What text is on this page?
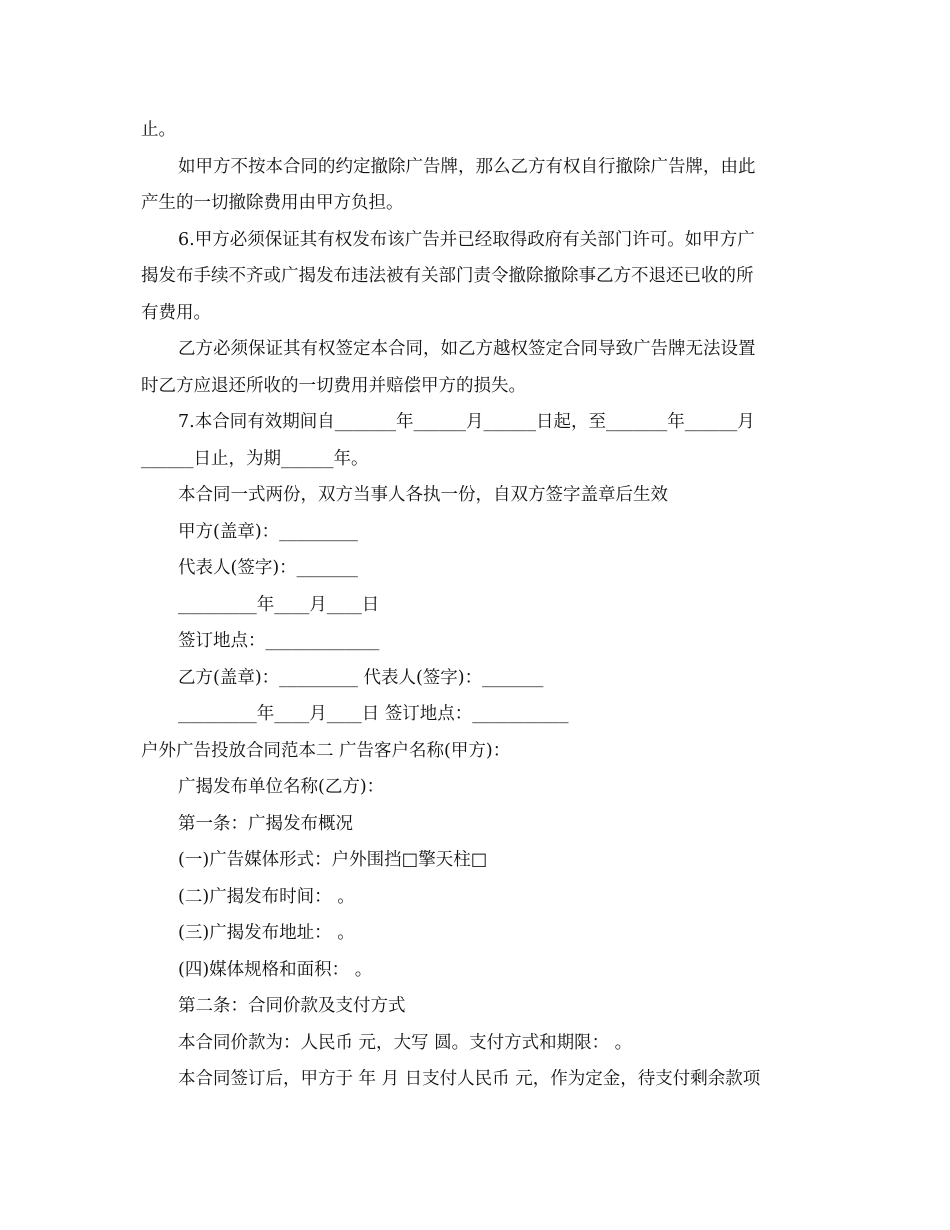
止。
如甲方不按本合同的约定撤除广告牌，那么乙方有权自行撤除广告牌，由此
产生的一切撤除费用由甲方负担。
6.甲方必须保证其有权发布该广告并已经取得政府有关部门许可。如甲方广
揭发布手续不齐或广揭发布违法被有关部门责令撤除撤除事乙方不退还已收的所
有费用。
乙方必须保证其有权签定本合同，如乙方越权签定合同导致广告牌无法设置
时乙方应退还所收的一切费用并赔偿甲方的损失。
7.本合同有效期间自_______年______月______日起，至_______年______月
______日止，为期______年。
本合同一式两份，双方当事人各执一份，自双方签字盖章后生效
甲方(盖章)：_________
代表人(签字)：_______
_________年____月____日
签订地点：_____________
乙方(盖章)：_________ 代表人(签字)：_______
_________年____月____日 签订地点：___________
户外广告投放合同范本二 广告客户名称(甲方)：
广揭发布单位名称(乙方)：
第一条：广揭发布概况
(一)广告媒体形式：户外围挡□擎天柱□
(二)广揭发布时间： 。
(三)广揭发布地址： 。
(四)媒体规格和面积： 。
第二条：合同价款及支付方式
本合同价款为：人民币 元，大写 圆。支付方式和期限： 。
本合同签订后，甲方于 年 月 日支付人民币 元，作为定金，待支付剩余款项
